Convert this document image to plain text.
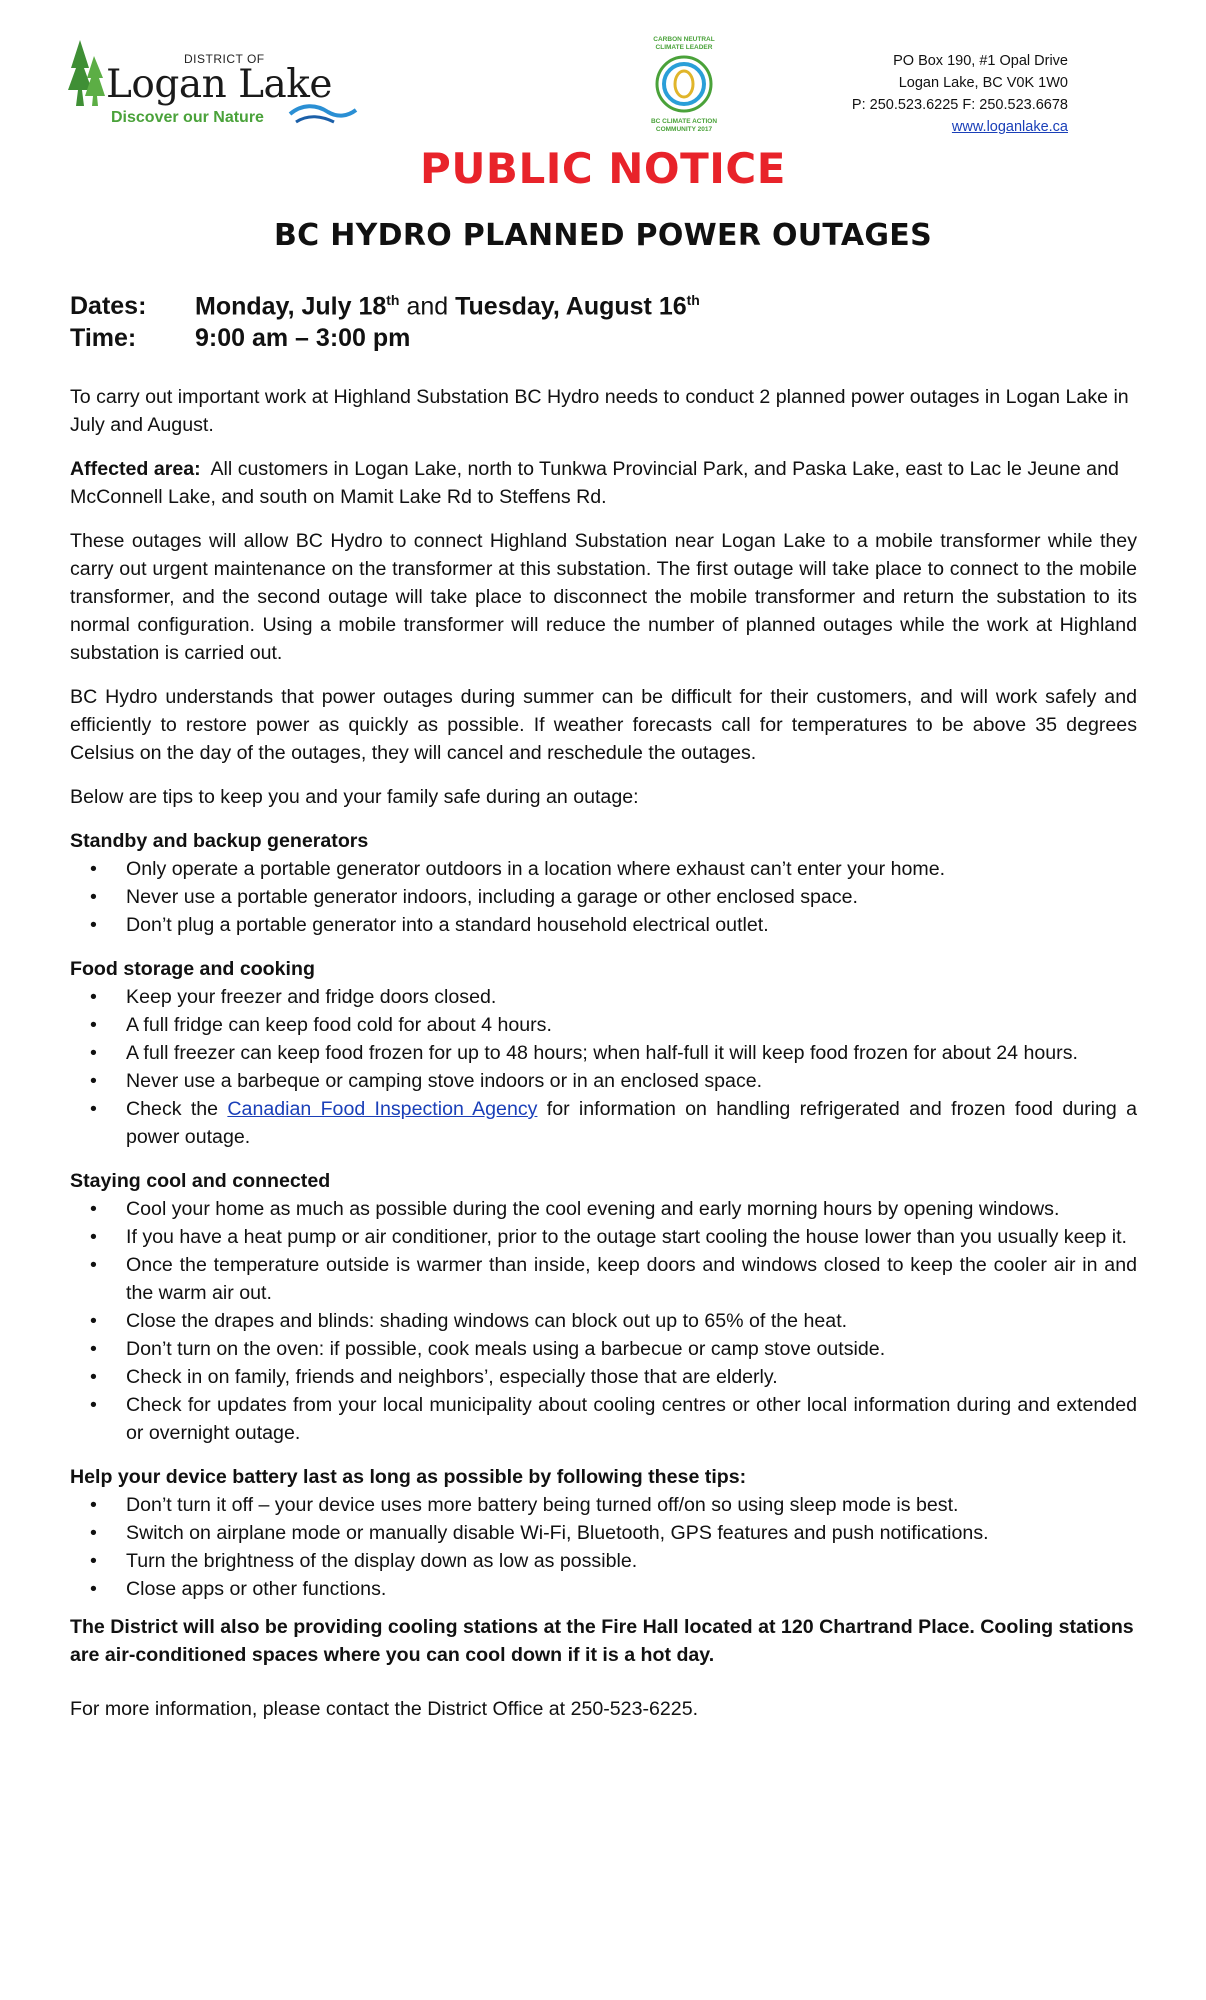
DISTRICT OF
Logan Lake
Discover our Nature
CARBON NEUTRAL CLIMATE LEADER
BC CLIMATE ACTION COMMUNITY 2017
PO Box 190, #1 Opal Drive
Logan Lake, BC V0K 1W0
P: 250.523.6225 F: 250.523.6678
www.loganlake.ca
PUBLIC NOTICE
BC HYDRO PLANNED POWER OUTAGES
Dates: Monday, July 18th and Tuesday, August 16th
Time: 9:00 am – 3:00 pm

To carry out important work at Highland Substation BC Hydro needs to conduct 2 planned power outages in Logan Lake in July and August.

Affected area: All customers in Logan Lake, north to Tunkwa Provincial Park, and Paska Lake, east to Lac le Jeune and McConnell Lake, and south on Mamit Lake Rd to Steffens Rd.

These outages will allow BC Hydro to connect Highland Substation near Logan Lake to a mobile transformer while they carry out urgent maintenance on the transformer at this substation. The first outage will take place to connect to the mobile transformer, and the second outage will take place to disconnect the mobile transformer and return the substation to its normal configuration. Using a mobile transformer will reduce the number of planned outages while the work at Highland substation is carried out.

BC Hydro understands that power outages during summer can be difficult for their customers, and will work safely and efficiently to restore power as quickly as possible. If weather forecasts call for temperatures to be above 35 degrees Celsius on the day of the outages, they will cancel and reschedule the outages.

Below are tips to keep you and your family safe during an outage:

Standby and backup generators

• Only operate a portable generator outdoors in a location where exhaust can’t enter your home.
• Never use a portable generator indoors, including a garage or other enclosed space.
• Don’t plug a portable generator into a standard household electrical outlet.

Food storage and cooking

• Keep your freezer and fridge doors closed.
• A full fridge can keep food cold for about 4 hours.
• A full freezer can keep food frozen for up to 48 hours; when half-full it will keep food frozen for about 24 hours.
• Never use a barbeque or camping stove indoors or in an enclosed space.
• Check the Canadian Food Inspection Agency for information on handling refrigerated and frozen food during a power outage.

Staying cool and connected

• Cool your home as much as possible during the cool evening and early morning hours by opening windows.
• If you have a heat pump or air conditioner, prior to the outage start cooling the house lower than you usually keep it.
• Once the temperature outside is warmer than inside, keep doors and windows closed to keep the cooler air in and the warm air out.
• Close the drapes and blinds: shading windows can block out up to 65% of the heat.
• Don’t turn on the oven: if possible, cook meals using a barbecue or camp stove outside.
• Check in on family, friends and neighbors’, especially those that are elderly.
• Check for updates from your local municipality about cooling centres or other local information during and extended or overnight outage.

Help your device battery last as long as possible by following these tips:

• Don’t turn it off – your device uses more battery being turned off/on so using sleep mode is best.
• Switch on airplane mode or manually disable Wi-Fi, Bluetooth, GPS features and push notifications.
• Turn the brightness of the display down as low as possible.
• Close apps or other functions.

The District will also be providing cooling stations at the Fire Hall located at 120 Chartrand Place. Cooling stations are air-conditioned spaces where you can cool down if it is a hot day.

For more information, please contact the District Office at 250-523-6225.
